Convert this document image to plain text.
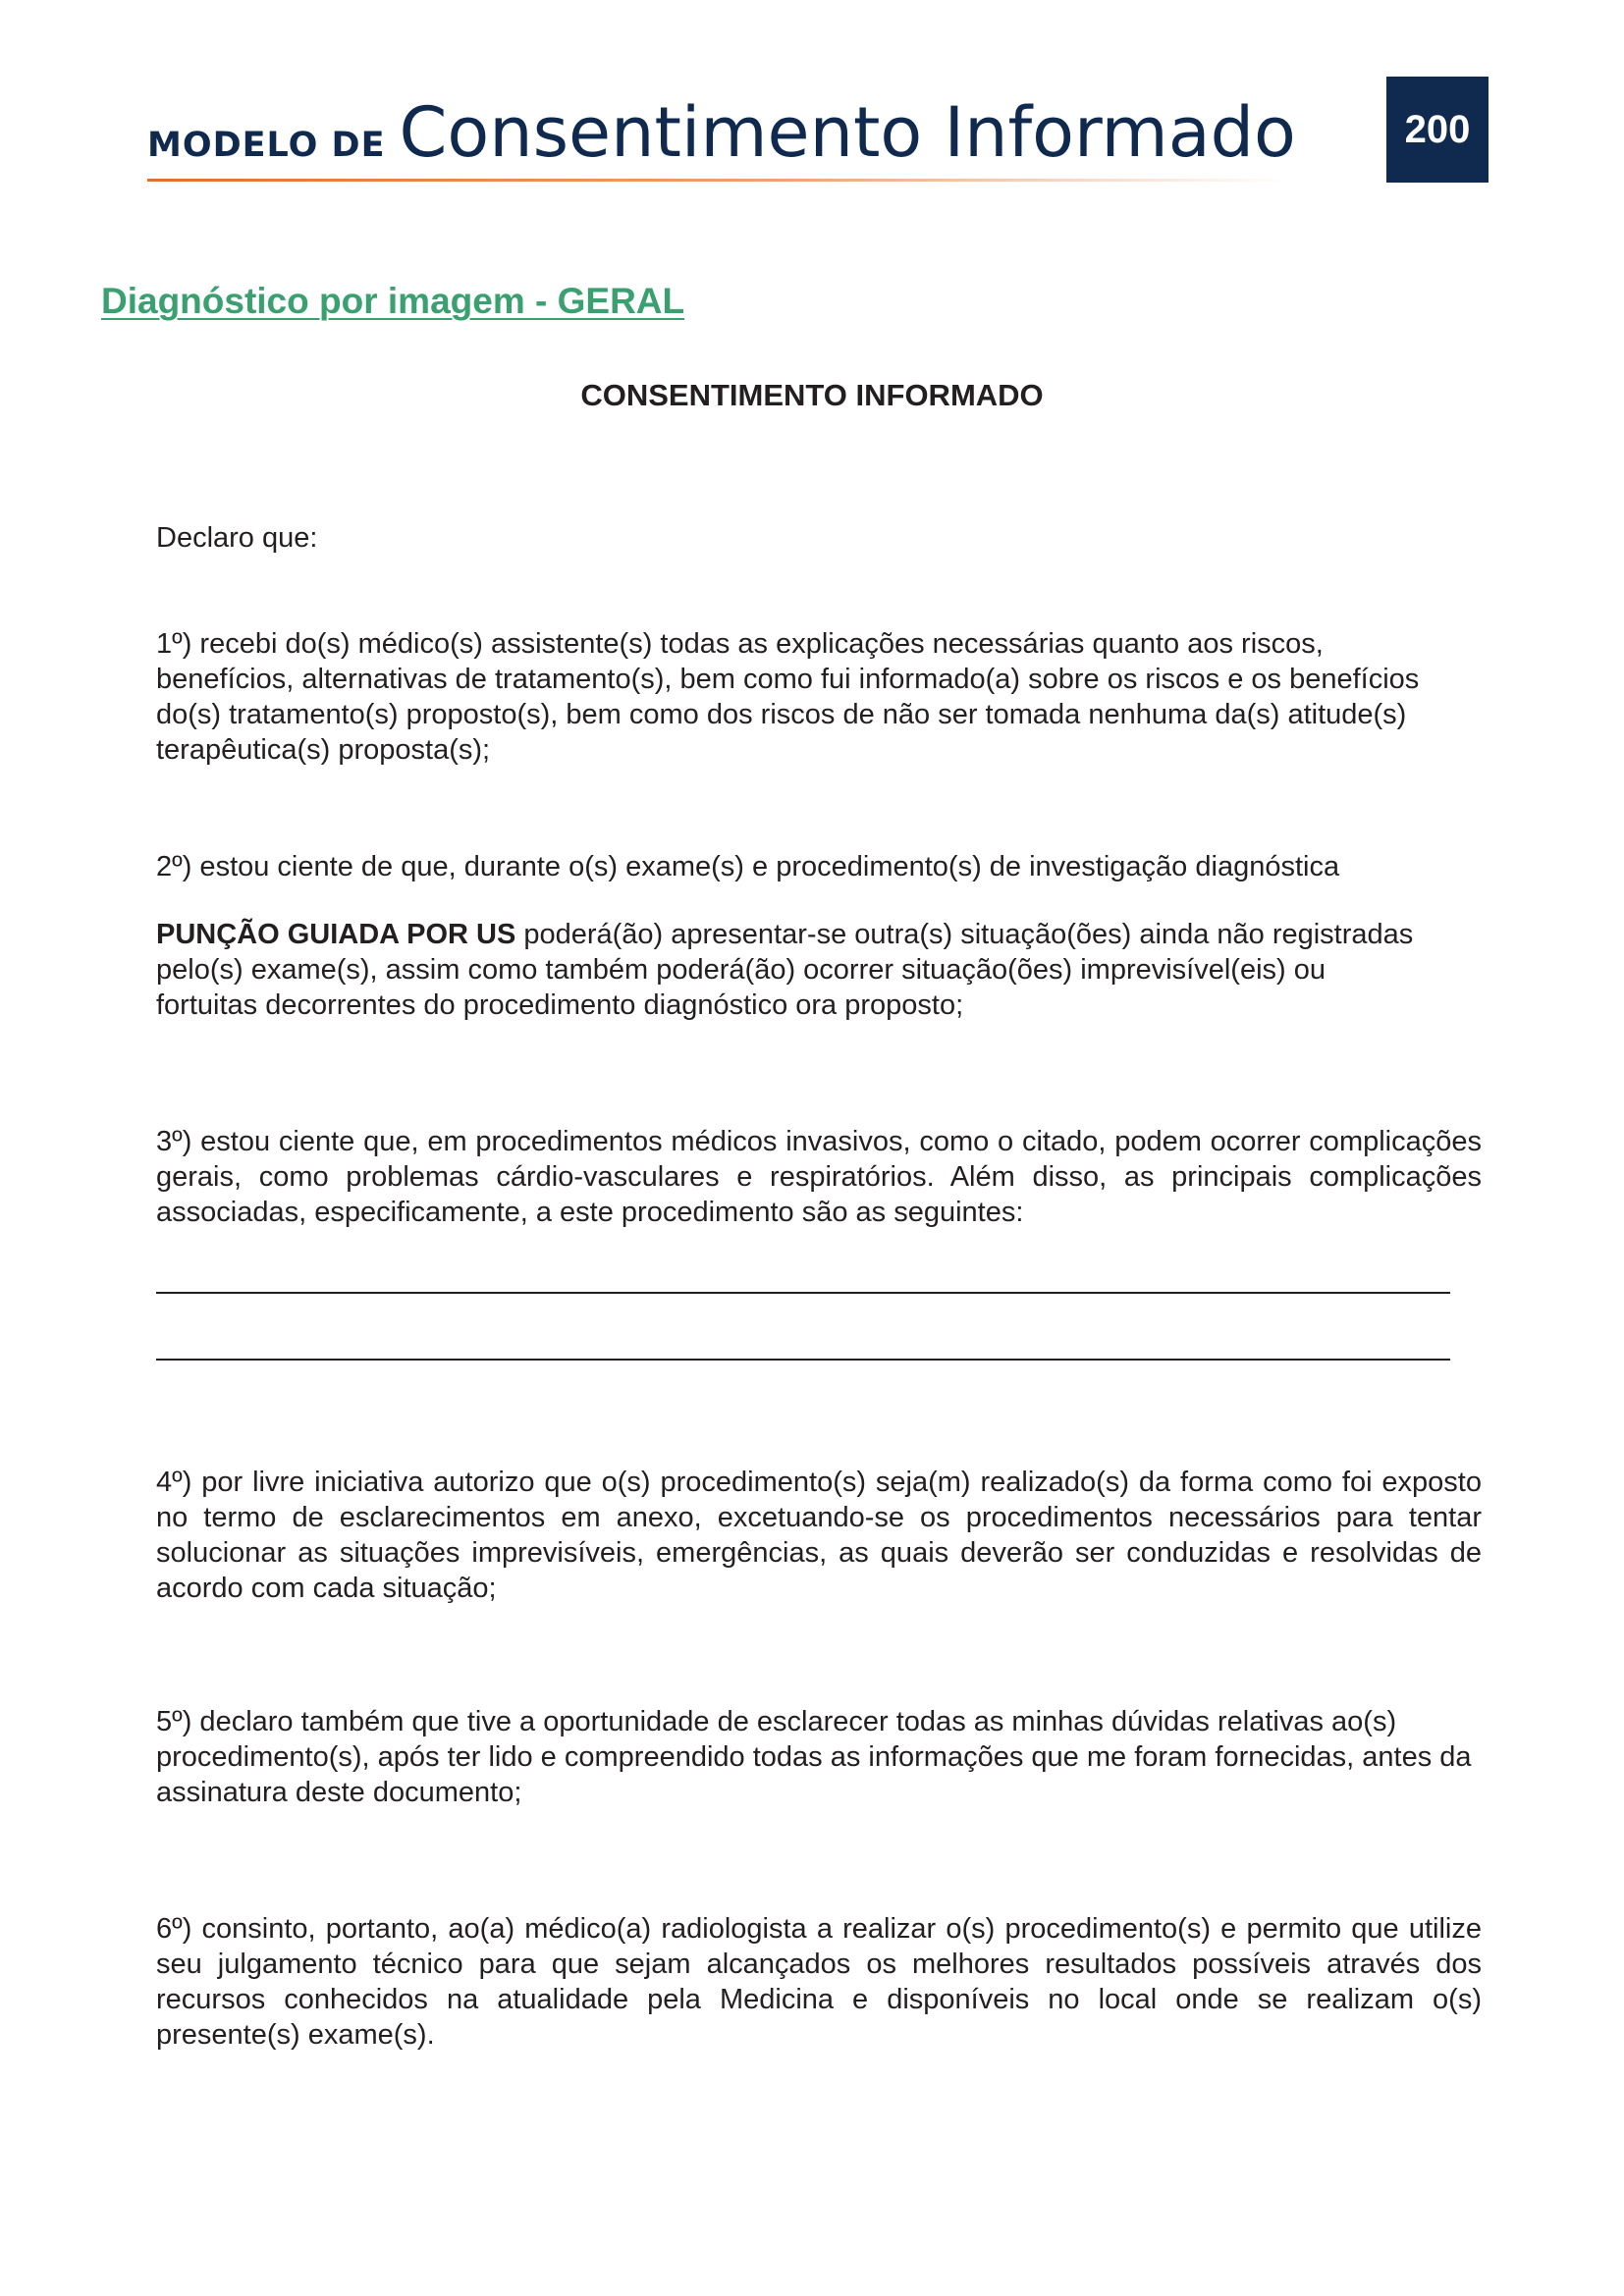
MODELO DE Consentimento Informado	200
Diagnóstico por imagem - GERAL
CONSENTIMENTO INFORMADO
Declaro que:
1º) recebi do(s) médico(s) assistente(s) todas as explicações necessárias quanto aos riscos, benefícios, alternativas de tratamento(s), bem como fui informado(a) sobre os riscos e os benefícios do(s) tratamento(s) proposto(s), bem como dos riscos de não ser tomada nenhuma da(s) atitude(s) terapêutica(s) proposta(s);
2º) estou ciente de que, durante o(s) exame(s) e procedimento(s) de investigação diagnóstica
PUNÇÃO GUIADA POR US poderá(ão) apresentar-se outra(s) situação(ões) ainda não registradas pelo(s) exame(s), assim como também poderá(ão) ocorrer situação(ões) imprevisível(eis) ou fortuitas decorrentes do procedimento diagnóstico ora proposto;
3º) estou ciente que, em procedimentos médicos invasivos, como o citado, podem ocorrer complicações gerais, como problemas cárdio-vasculares e respiratórios. Além disso, as principais complicações associadas, especificamente, a este procedimento são as seguintes:
4º) por livre iniciativa autorizo que o(s) procedimento(s) seja(m) realizado(s) da forma como foi exposto no termo de esclarecimentos em anexo, excetuando-se os procedimentos necessários para tentar solucionar as situações imprevisíveis, emergências, as quais deverão ser conduzidas e resolvidas de acordo com cada situação;
5º) declaro também que tive a oportunidade de esclarecer todas as minhas dúvidas relativas ao(s) procedimento(s), após ter lido e compreendido todas as informações que me foram fornecidas, antes da assinatura deste documento;
6º) consinto, portanto, ao(a) médico(a) radiologista a realizar o(s) procedimento(s) e permito que utilize seu julgamento técnico para que sejam alcançados os melhores resultados possíveis através dos recursos conhecidos na atualidade pela Medicina e disponíveis no local onde se realizam o(s) presente(s) exame(s).
